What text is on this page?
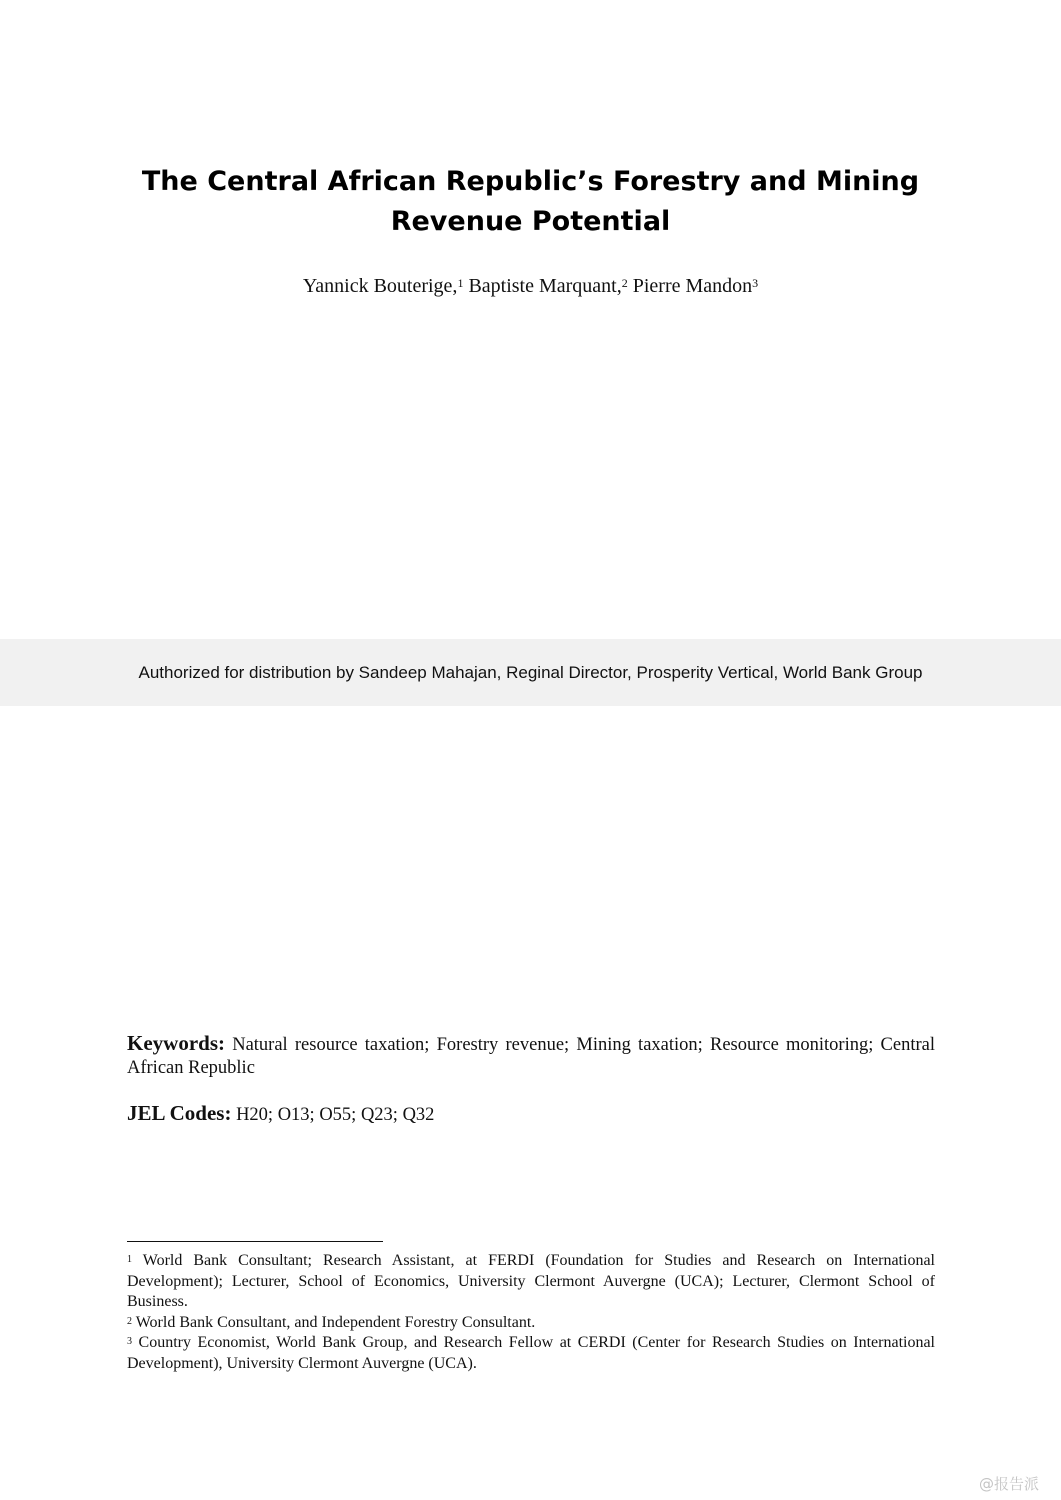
The Central African Republic’s Forestry and Mining
Revenue Potential
Yannick Bouterige,$^1$ Baptiste Marquant,$^2$ Pierre Mandon$^3$
Authorized for distribution by Sandeep Mahajan, Reginal Director, Prosperity Vertical, World Bank Group
Keywords: Natural resource taxation; Forestry revenue; Mining taxation; Resource monitoring; Central African Republic
JEL Codes: H20; O13; O55; Q23; Q32

$^1$ World Bank Consultant; Research Assistant, at FERDI (Foundation for Studies and Research on International Development); Lecturer, School of Economics, University Clermont Auvergne (UCA); Lecturer, Clermont School of Business.

$^2$ World Bank Consultant, and Independent Forestry Consultant.

$^3$ Country Economist, World Bank Group, and Research Fellow at CERDI (Center for Research Studies on International Development), University Clermont Auvergne (UCA).

@报告派
